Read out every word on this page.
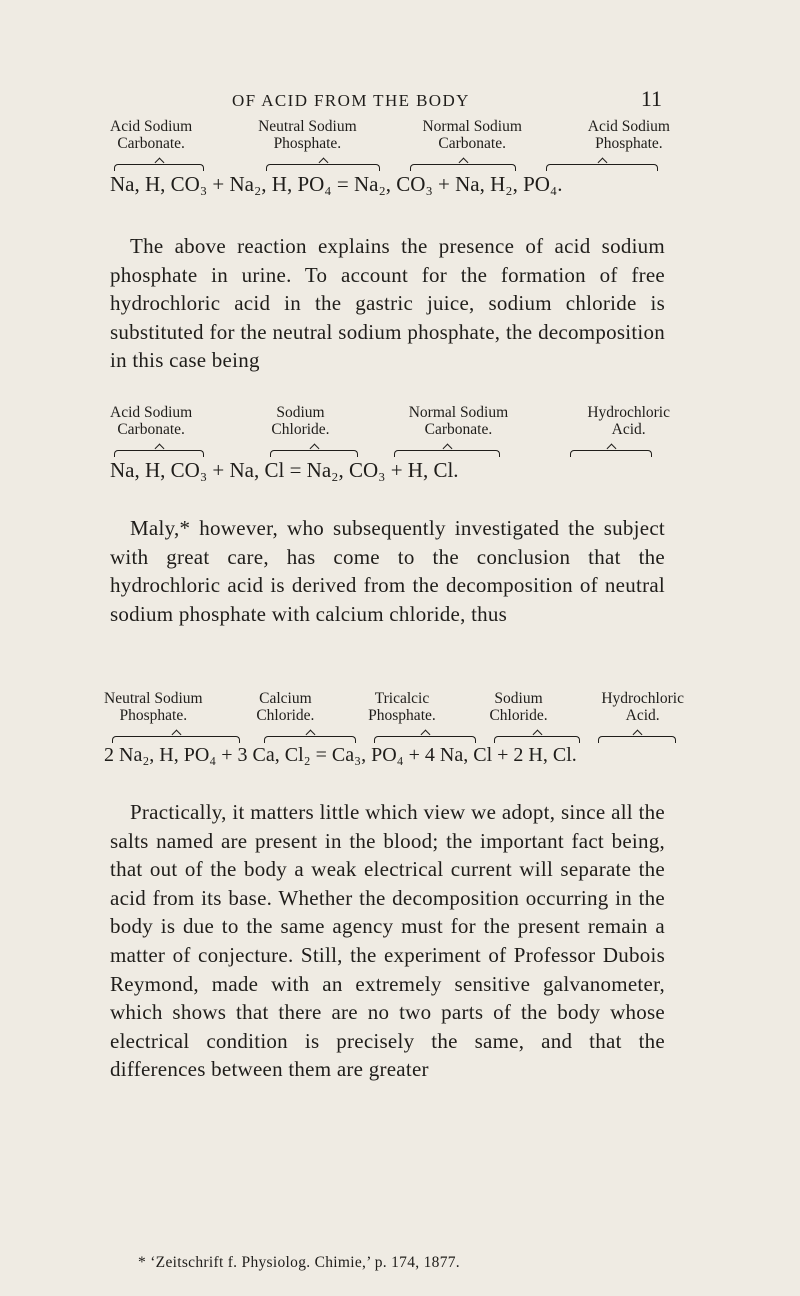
OF ACID FROM THE BODY	11
Acid Sodium
Carbonate.
Neutral Sodium
Phosphate.
Normal Sodium
Carbonate.
Acid Sodium
Phosphate.
Na, H, CO₃ + Na₂, H, PO₄ = Na₂, CO₃ + Na, H₂, PO₄.

The above reaction explains the presence of acid sodium phosphate in urine. To account for the formation of free hydrochloric acid in the gastric juice, sodium chloride is substituted for the neutral sodium phosphate, the decomposition in this case being

Acid Sodium
Carbonate.
Sodium
Chloride.
Normal Sodium
Carbonate.
Hydrochloric
Acid.
Na, H, CO₃ + Na, Cl = Na₂, CO₃ + H, Cl.

Maly,* however, who subsequently investigated the subject with great care, has come to the conclusion that the hydrochloric acid is derived from the decomposition of neutral sodium phosphate with calcium chloride, thus

Neutral Sodium
Phosphate.
Calcium
Chloride.
Tricalcic
Phosphate.
Sodium
Chloride.
Hydrochloric
Acid.
2 Na₂, H, PO₄ + 3 Ca, Cl₂ = Ca₃, PO₄ + 4 Na, Cl + 2 H, Cl.

Practically, it matters little which view we adopt, since all the salts named are present in the blood; the important fact being, that out of the body a weak electrical current will separate the acid from its base. Whether the decomposition occurring in the body is due to the same agency must for the present remain a matter of conjecture. Still, the experiment of Professor Dubois Reymond, made with an extremely sensitive galvanometer, which shows that there are no two parts of the body whose electrical condition is precisely the same, and that the differences between them are greater

* ‘Zeitschrift f. Physiolog. Chimie,’ p. 174, 1877.
